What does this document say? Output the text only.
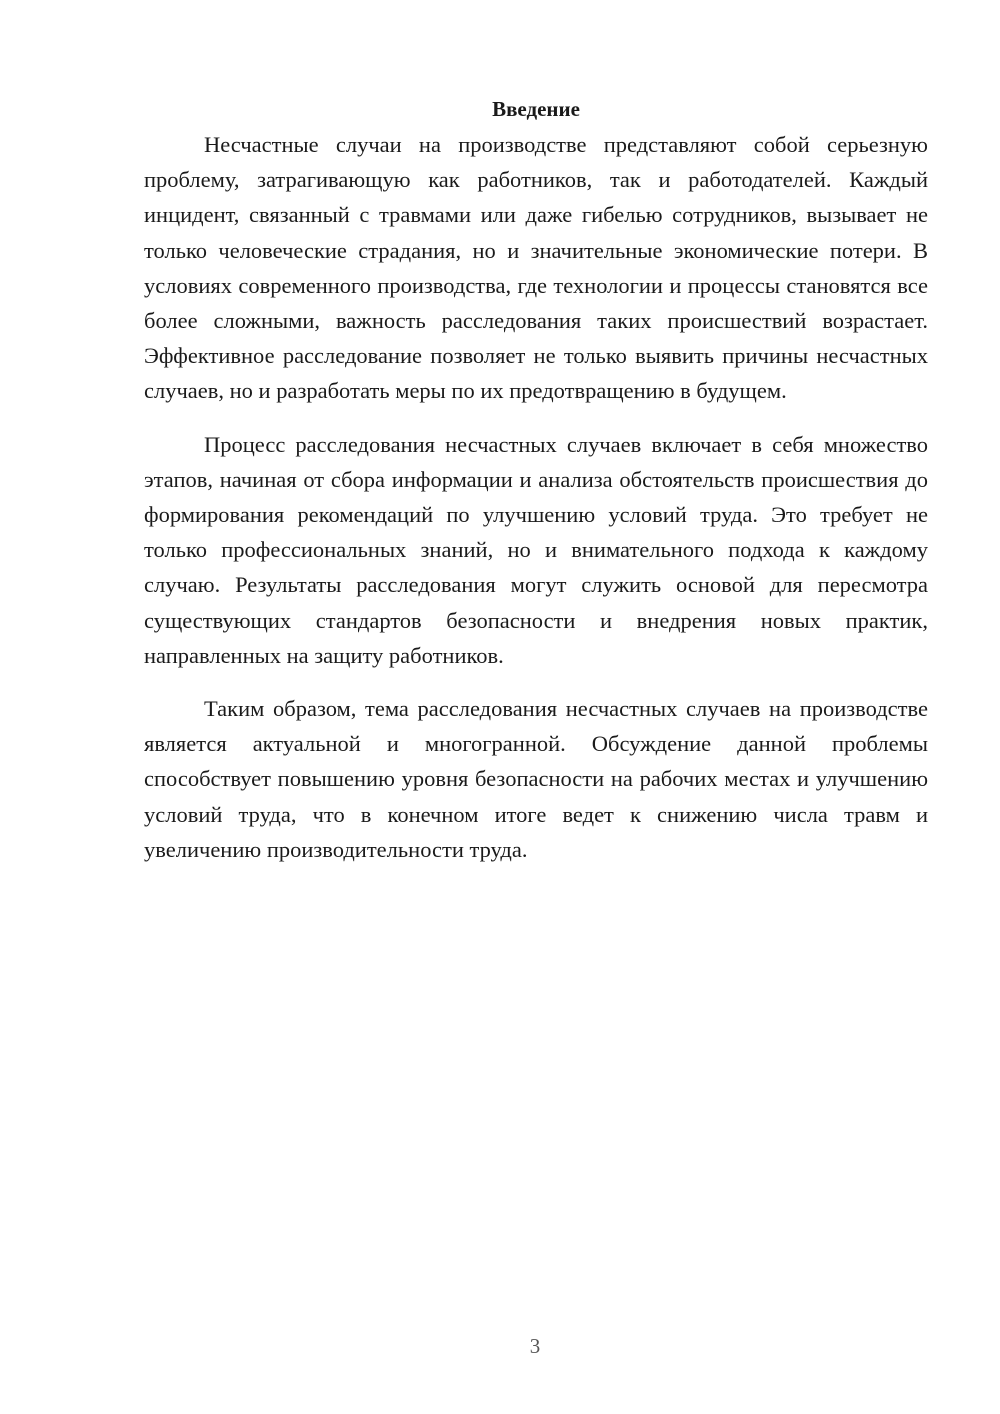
Введение

Несчастные случаи на производстве представляют собой серьезную проблему, затрагивающую как работников, так и работодателей. Каждый инцидент, связанный с травмами или даже гибелью сотрудников, вызывает не только человеческие страдания, но и значительные экономические потери. В условиях современного производства, где технологии и процессы становятся все более сложными, важность расследования таких происшествий возрастает. Эффективное расследование позволяет не только выявить причины несчастных случаев, но и разработать меры по их предотвращению в будущем.

Процесс расследования несчастных случаев включает в себя множество этапов, начиная от сбора информации и анализа обстоятельств происшествия до формирования рекомендаций по улучшению условий труда. Это требует не только профессиональных знаний, но и внимательного подхода к каждому случаю. Результаты расследования могут служить основой для пересмотра существующих стандартов безопасности и внедрения новых практик, направленных на защиту работников.

Таким образом, тема расследования несчастных случаев на производстве является актуальной и многогранной. Обсуждение данной проблемы способствует повышению уровня безопасности на рабочих местах и улучшению условий труда, что в конечном итоге ведет к снижению числа травм и увеличению производительности труда.

3
